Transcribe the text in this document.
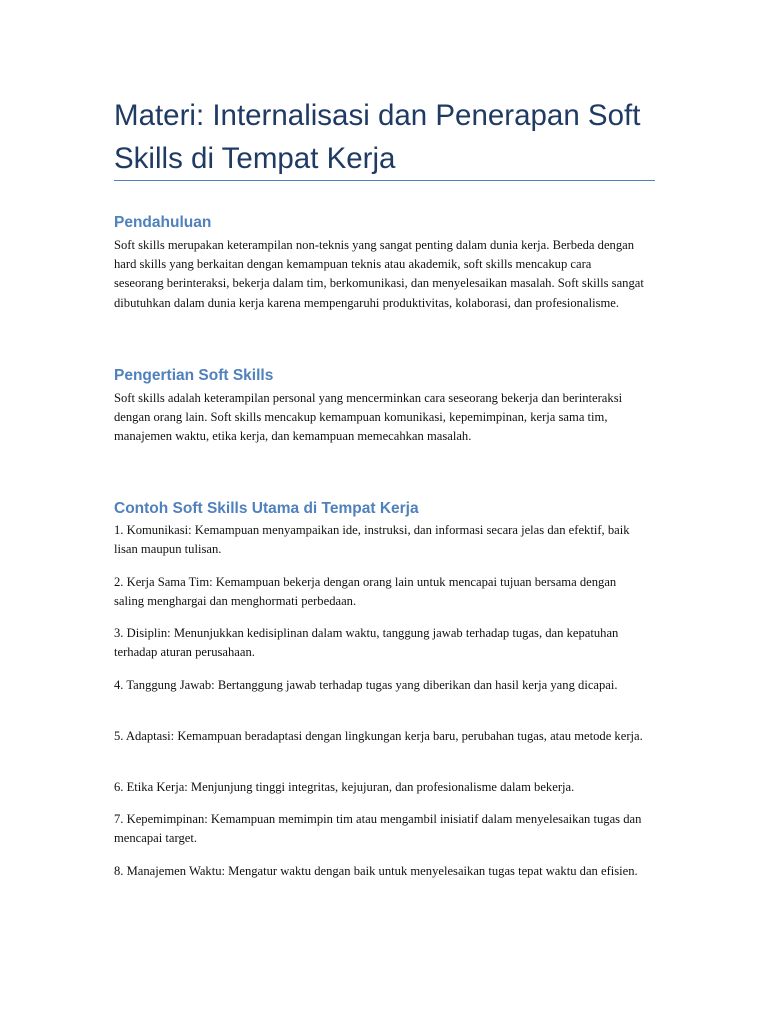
Materi: Internalisasi dan Penerapan Soft Skills di Tempat Kerja
Pendahuluan

Soft skills merupakan keterampilan non-teknis yang sangat penting dalam dunia kerja. Berbeda dengan hard skills yang berkaitan dengan kemampuan teknis atau akademik, soft skills mencakup cara seseorang berinteraksi, bekerja dalam tim, berkomunikasi, dan menyelesaikan masalah. Soft skills sangat dibutuhkan dalam dunia kerja karena mempengaruhi produktivitas, kolaborasi, dan profesionalisme.

Pengertian Soft Skills

Soft skills adalah keterampilan personal yang mencerminkan cara seseorang bekerja dan berinteraksi dengan orang lain. Soft skills mencakup kemampuan komunikasi, kepemimpinan, kerja sama tim, manajemen waktu, etika kerja, dan kemampuan memecahkan masalah.

Contoh Soft Skills Utama di Tempat Kerja

1. Komunikasi: Kemampuan menyampaikan ide, instruksi, dan informasi secara jelas dan efektif, baik lisan maupun tulisan.

2. Kerja Sama Tim: Kemampuan bekerja dengan orang lain untuk mencapai tujuan bersama dengan saling menghargai dan menghormati perbedaan.

3. Disiplin: Menunjukkan kedisiplinan dalam waktu, tanggung jawab terhadap tugas, dan kepatuhan terhadap aturan perusahaan.

4. Tanggung Jawab: Bertanggung jawab terhadap tugas yang diberikan dan hasil kerja yang dicapai.

5. Adaptasi: Kemampuan beradaptasi dengan lingkungan kerja baru, perubahan tugas, atau metode kerja.

6. Etika Kerja: Menjunjung tinggi integritas, kejujuran, dan profesionalisme dalam bekerja.

7. Kepemimpinan: Kemampuan memimpin tim atau mengambil inisiatif dalam menyelesaikan tugas dan mencapai target.

8. Manajemen Waktu: Mengatur waktu dengan baik untuk menyelesaikan tugas tepat waktu dan efisien.
